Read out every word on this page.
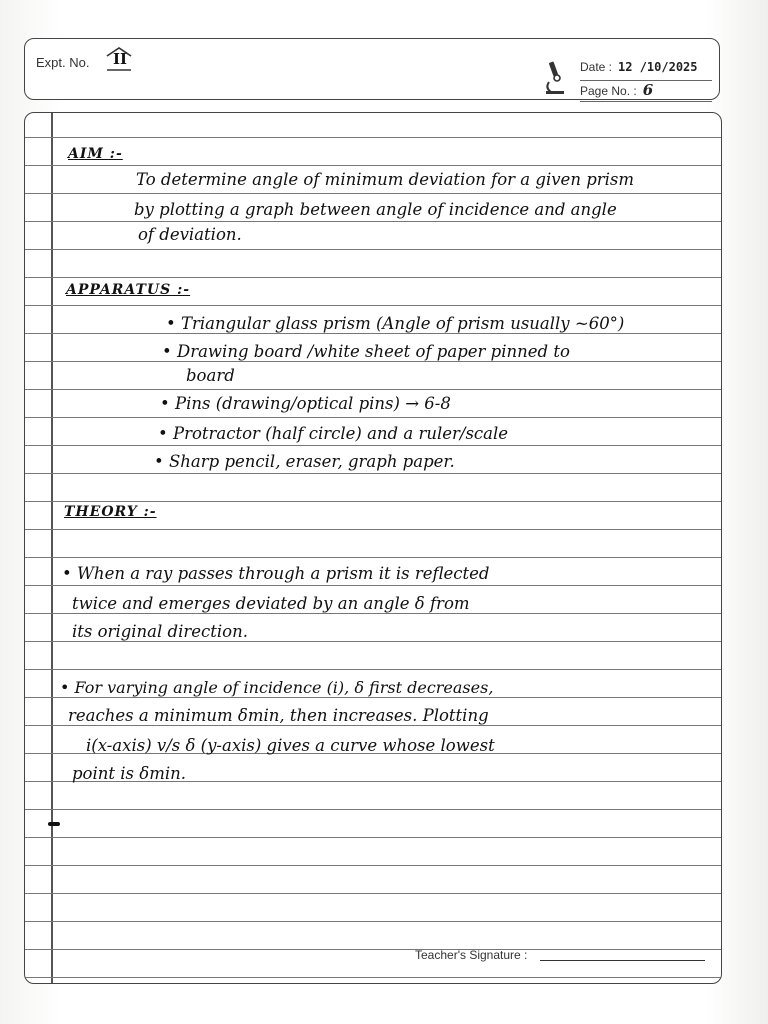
Expt. No. II	Date : 12 /10/2025
Page No. : 6
AIM :-
To determine angle of minimum deviation for a given prism
by plotting a graph between angle of incidence and angle
of deviation.
APPARATUS :-
• Triangular glass prism (Angle of prism usually ~60°)
• Drawing board /white sheet of paper pinned to
board
• Pins (drawing/optical pins) → 6-8
• Protractor (half circle) and a ruler/scale
• Sharp pencil, eraser, graph paper.
THEORY :-
• When a ray passes through a prism it is reflected
twice and emerges deviated by an angle δ from
its original direction.
• For varying angle of incidence (i), δ first decreases,
reaches a minimum δmin, then increases. Plotting
i(x-axis) v/s δ (y-axis) gives a curve whose lowest
point is δmin.
Teacher's Signature :
